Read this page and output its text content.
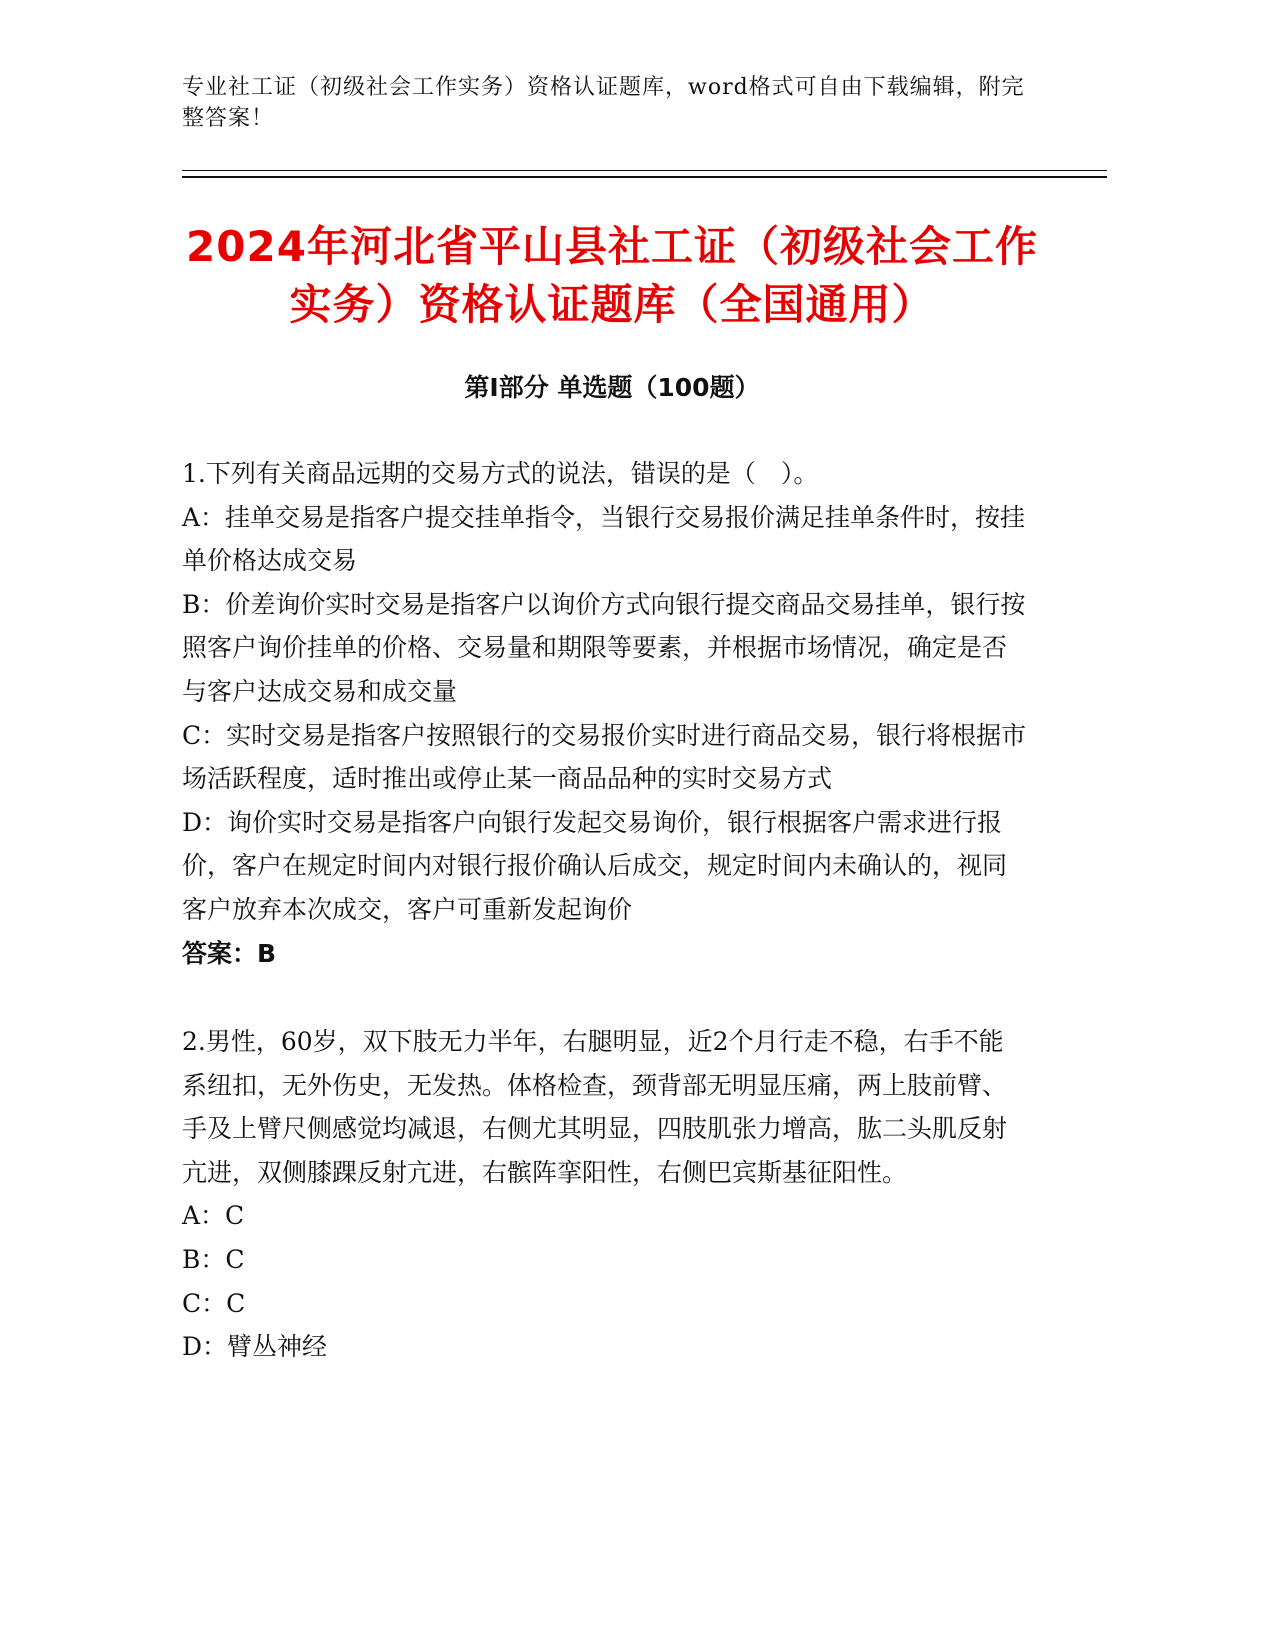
专业社工证（初级社会工作实务）资格认证题库，word格式可自由下载编辑，附完整答案！
2024年河北省平山县社工证（初级社会工作实务）资格认证题库（全国通用）
第I部分 单选题（100题）

1.下列有关商品远期的交易方式的说法，错误的是（　）。

A：挂单交易是指客户提交挂单指令，当银行交易报价满足挂单条件时，按挂单价格达成交易

B：价差询价实时交易是指客户以询价方式向银行提交商品交易挂单，银行按照客户询价挂单的价格、交易量和期限等要素，并根据市场情况，确定是否与客户达成交易和成交量

C：实时交易是指客户按照银行的交易报价实时进行商品交易，银行将根据市场活跃程度，适时推出或停止某一商品品种的实时交易方式

D：询价实时交易是指客户向银行发起交易询价，银行根据客户需求进行报价，客户在规定时间内对银行报价确认后成交，规定时间内未确认的，视同客户放弃本次成交，客户可重新发起询价

答案：B

2.男性，60岁，双下肢无力半年，右腿明显，近2个月行走不稳，右手不能系纽扣，无外伤史，无发热。体格检查，颈背部无明显压痛，两上肢前臂、手及上臂尺侧感觉均减退，右侧尤其明显，四肢肌张力增高，肱二头肌反射亢进，双侧膝踝反射亢进，右髌阵挛阳性，右侧巴宾斯基征阳性。

A：C

B：C

C：C

D：臂丛神经
